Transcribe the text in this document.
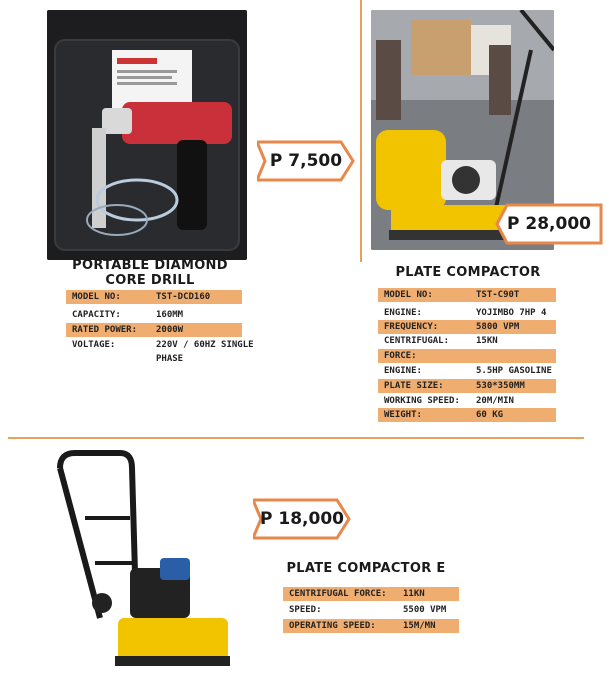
P 7,500
PORTABLE DIAMOND
CORE DRILL
MODEL NO:	TST-DCD160
CAPACITY:	160MM
RATED POWER: 2000W
VOLTAGE:	220V / 60HZ SINGLE
PHASE
P 28,000
PLATE COMPACTOR
MODEL NO:	TST-C90T
ENGINE:	YOJIMBO 7HP 4
FREQUENCY:	5800 VPM
CENTRIFUGAL:	15KN
FORCE:
ENGINE:	5.5HP GASOLINE
PLATE SIZE:	530*350MM
WORKING SPEED: 20M/MIN
WEIGHT:	60 KG
P 18,000
PLATE COMPACTOR E
CENTRIFUGAL FORCE: 11KN
SPEED:	5500 VPM
OPERATING SPEED:	15M/MN
